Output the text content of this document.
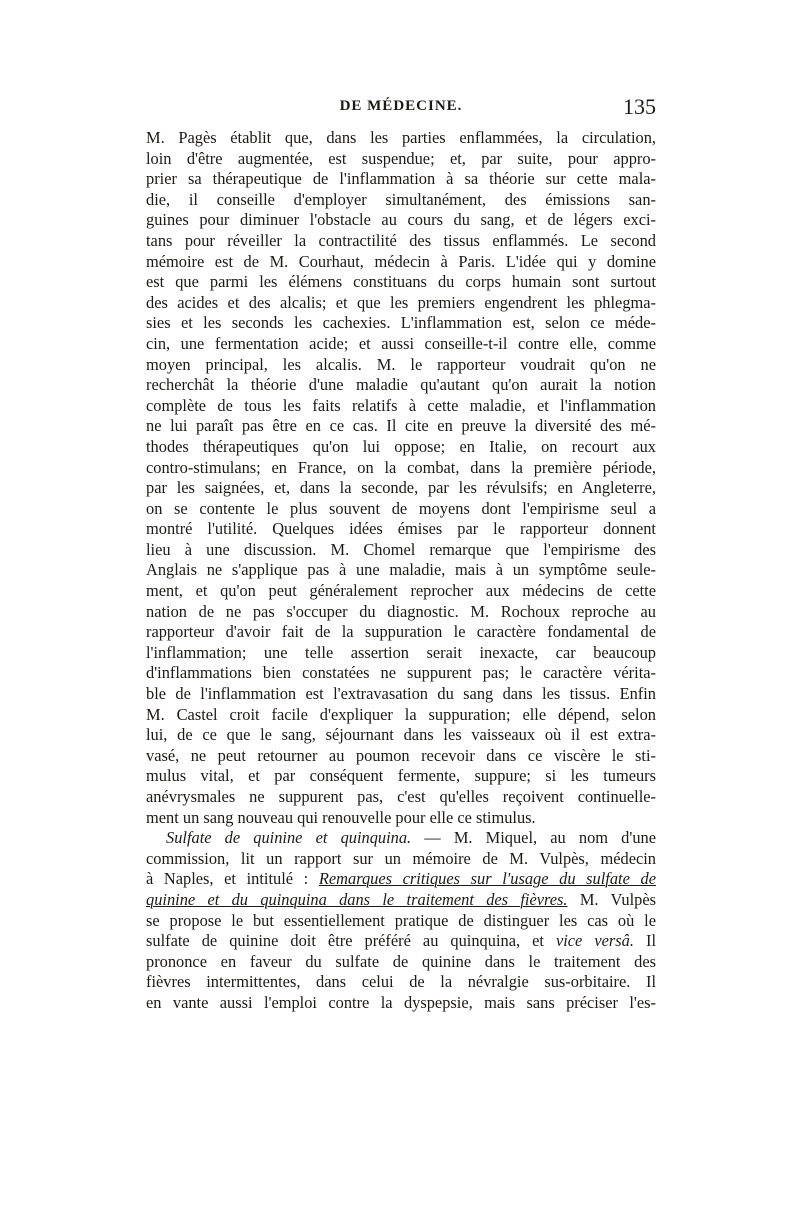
DE MÉDECINE.	135
M. Pagès établit que, dans les parties enflammées, la circulation,
loin d'être augmentée, est suspendue; et, par suite, pour appro-
prier sa thérapeutique de l'inflammation à sa théorie sur cette mala-
die, il conseille d'employer simultanément, des émissions san-
guines pour diminuer l'obstacle au cours du sang, et de légers exci-
tans pour réveiller la contractilité des tissus enflammés. Le second
mémoire est de M. Courhaut, médecin à Paris. L'idée qui y domine
est que parmi les élémens constituans du corps humain sont surtout
des acides et des alcalis; et que les premiers engendrent les phlegma-
sies et les seconds les cachexies. L'inflammation est, selon ce méde-
cin, une fermentation acide; et aussi conseille-t-il contre elle, comme
moyen principal, les alcalis. M. le rapporteur voudrait qu'on ne
recherchât la théorie d'une maladie qu'autant qu'on aurait la notion
complète de tous les faits relatifs à cette maladie, et l'inflammation
ne lui paraît pas être en ce cas. Il cite en preuve la diversité des mé-
thodes thérapeutiques qu'on lui oppose; en Italie, on recourt aux
contro-stimulans; en France, on la combat, dans la première période,
par les saignées, et, dans la seconde, par les révulsifs; en Angleterre,
on se contente le plus souvent de moyens dont l'empirisme seul a
montré l'utilité. Quelques idées émises par le rapporteur donnent
lieu à une discussion. M. Chomel remarque que l'empirisme des
Anglais ne s'applique pas à une maladie, mais à un symptôme seule-
ment, et qu'on peut généralement reprocher aux médecins de cette
nation de ne pas s'occuper du diagnostic. M. Rochoux reproche au
rapporteur d'avoir fait de la suppuration le caractère fondamental de
l'inflammation; une telle assertion serait inexacte, car beaucoup
d'inflammations bien constatées ne suppurent pas; le caractère vérita-
ble de l'inflammation est l'extravasation du sang dans les tissus. Enfin
M. Castel croit facile d'expliquer la suppuration; elle dépend, selon
lui, de ce que le sang, séjournant dans les vaisseaux où il est extra-
vasé, ne peut retourner au poumon recevoir dans ce viscère le sti-
mulus vital, et par conséquent fermente, suppure; si les tumeurs
anévrysmales ne suppurent pas, c'est qu'elles reçoivent continuelle-
ment un sang nouveau qui renouvelle pour elle ce stimulus.
Sulfate de quinine et quinquina. — M. Miquel, au nom d'une
commission, lit un rapport sur un mémoire de M. Vulpès, médecin
à Naples, et intitulé : Remarques critiques sur l'usage du sulfate de
quinine et du quinquina dans le traitement des fièvres. M. Vulpès
se propose le but essentiellement pratique de distinguer les cas où le
sulfate de quinine doit être préféré au quinquina, et vice versâ. Il
prononce en faveur du sulfate de quinine dans le traitement des
fièvres intermittentes, dans celui de la névralgie sus-orbitaire. Il
en vante aussi l'emploi contre la dyspepsie, mais sans préciser l'es-
